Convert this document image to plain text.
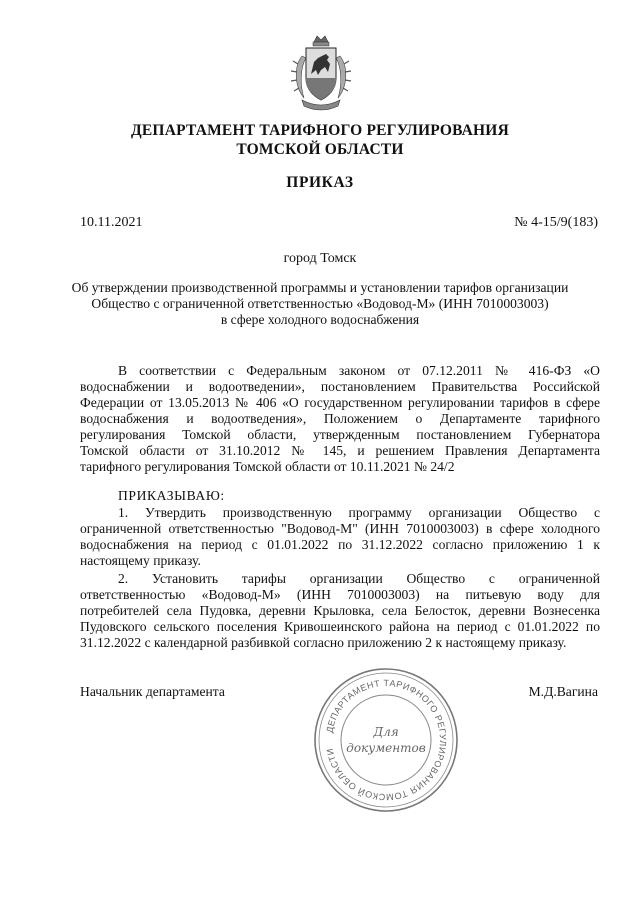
ДЕПАРТАМЕНТ ТАРИФНОГО РЕГУЛИРОВАНИЯ
ТОМСКОЙ ОБЛАСТИ
ПРИКАЗ
10.11.2021	№ 4-15/9(183)
город Томск
Об утверждении производственной программы и установлении тарифов организации
Общество с ограниченной ответственностью «Водовод-М» (ИНН 7010003003)
в сфере холодного водоснабжения
В соответствии с Федеральным законом от 07.12.2011 № 416-ФЗ «О
водоснабжении и водоотведении», постановлением Правительства Российской
Федерации от 13.05.2013 № 406 «О государственном регулировании тарифов в сфере
водоснабжения и водоотведения», Положением о Департаменте тарифного
регулирования Томской области, утвержденным постановлением Губернатора
Томской области от 31.10.2012 № 145, и решением Правления Департамента
тарифного регулирования Томской области от 10.11.2021 № 24/2
ПРИКАЗЫВАЮ:
1. Утвердить производственную программу организации Общество с
ограниченной ответственностью "Водовод-М" (ИНН 7010003003) в сфере холодного
водоснабжения на период с 01.01.2022 по 31.12.2022 согласно приложению 1 к
настоящему приказу.
2. Установить тарифы организации Общество с ограниченной
ответственностью «Водовод-М» (ИНН 7010003003) на питьевую воду для
потребителей села Пудовка, деревни Крыловка, села Белосток, деревни Вознесенка
Пудовского сельского поселения Кривошеинского района на период с 01.01.2022 по
31.12.2022 с календарной разбивкой согласно приложению 2 к настоящему приказу.
Начальник департамента	М.Д.Вагина
ДЕПАРТАМЕНТ ТАРИФНОГО РЕГУЛИРОВАНИЯ ТОМСКОЙ ОБЛАСТИ
Для
документов
